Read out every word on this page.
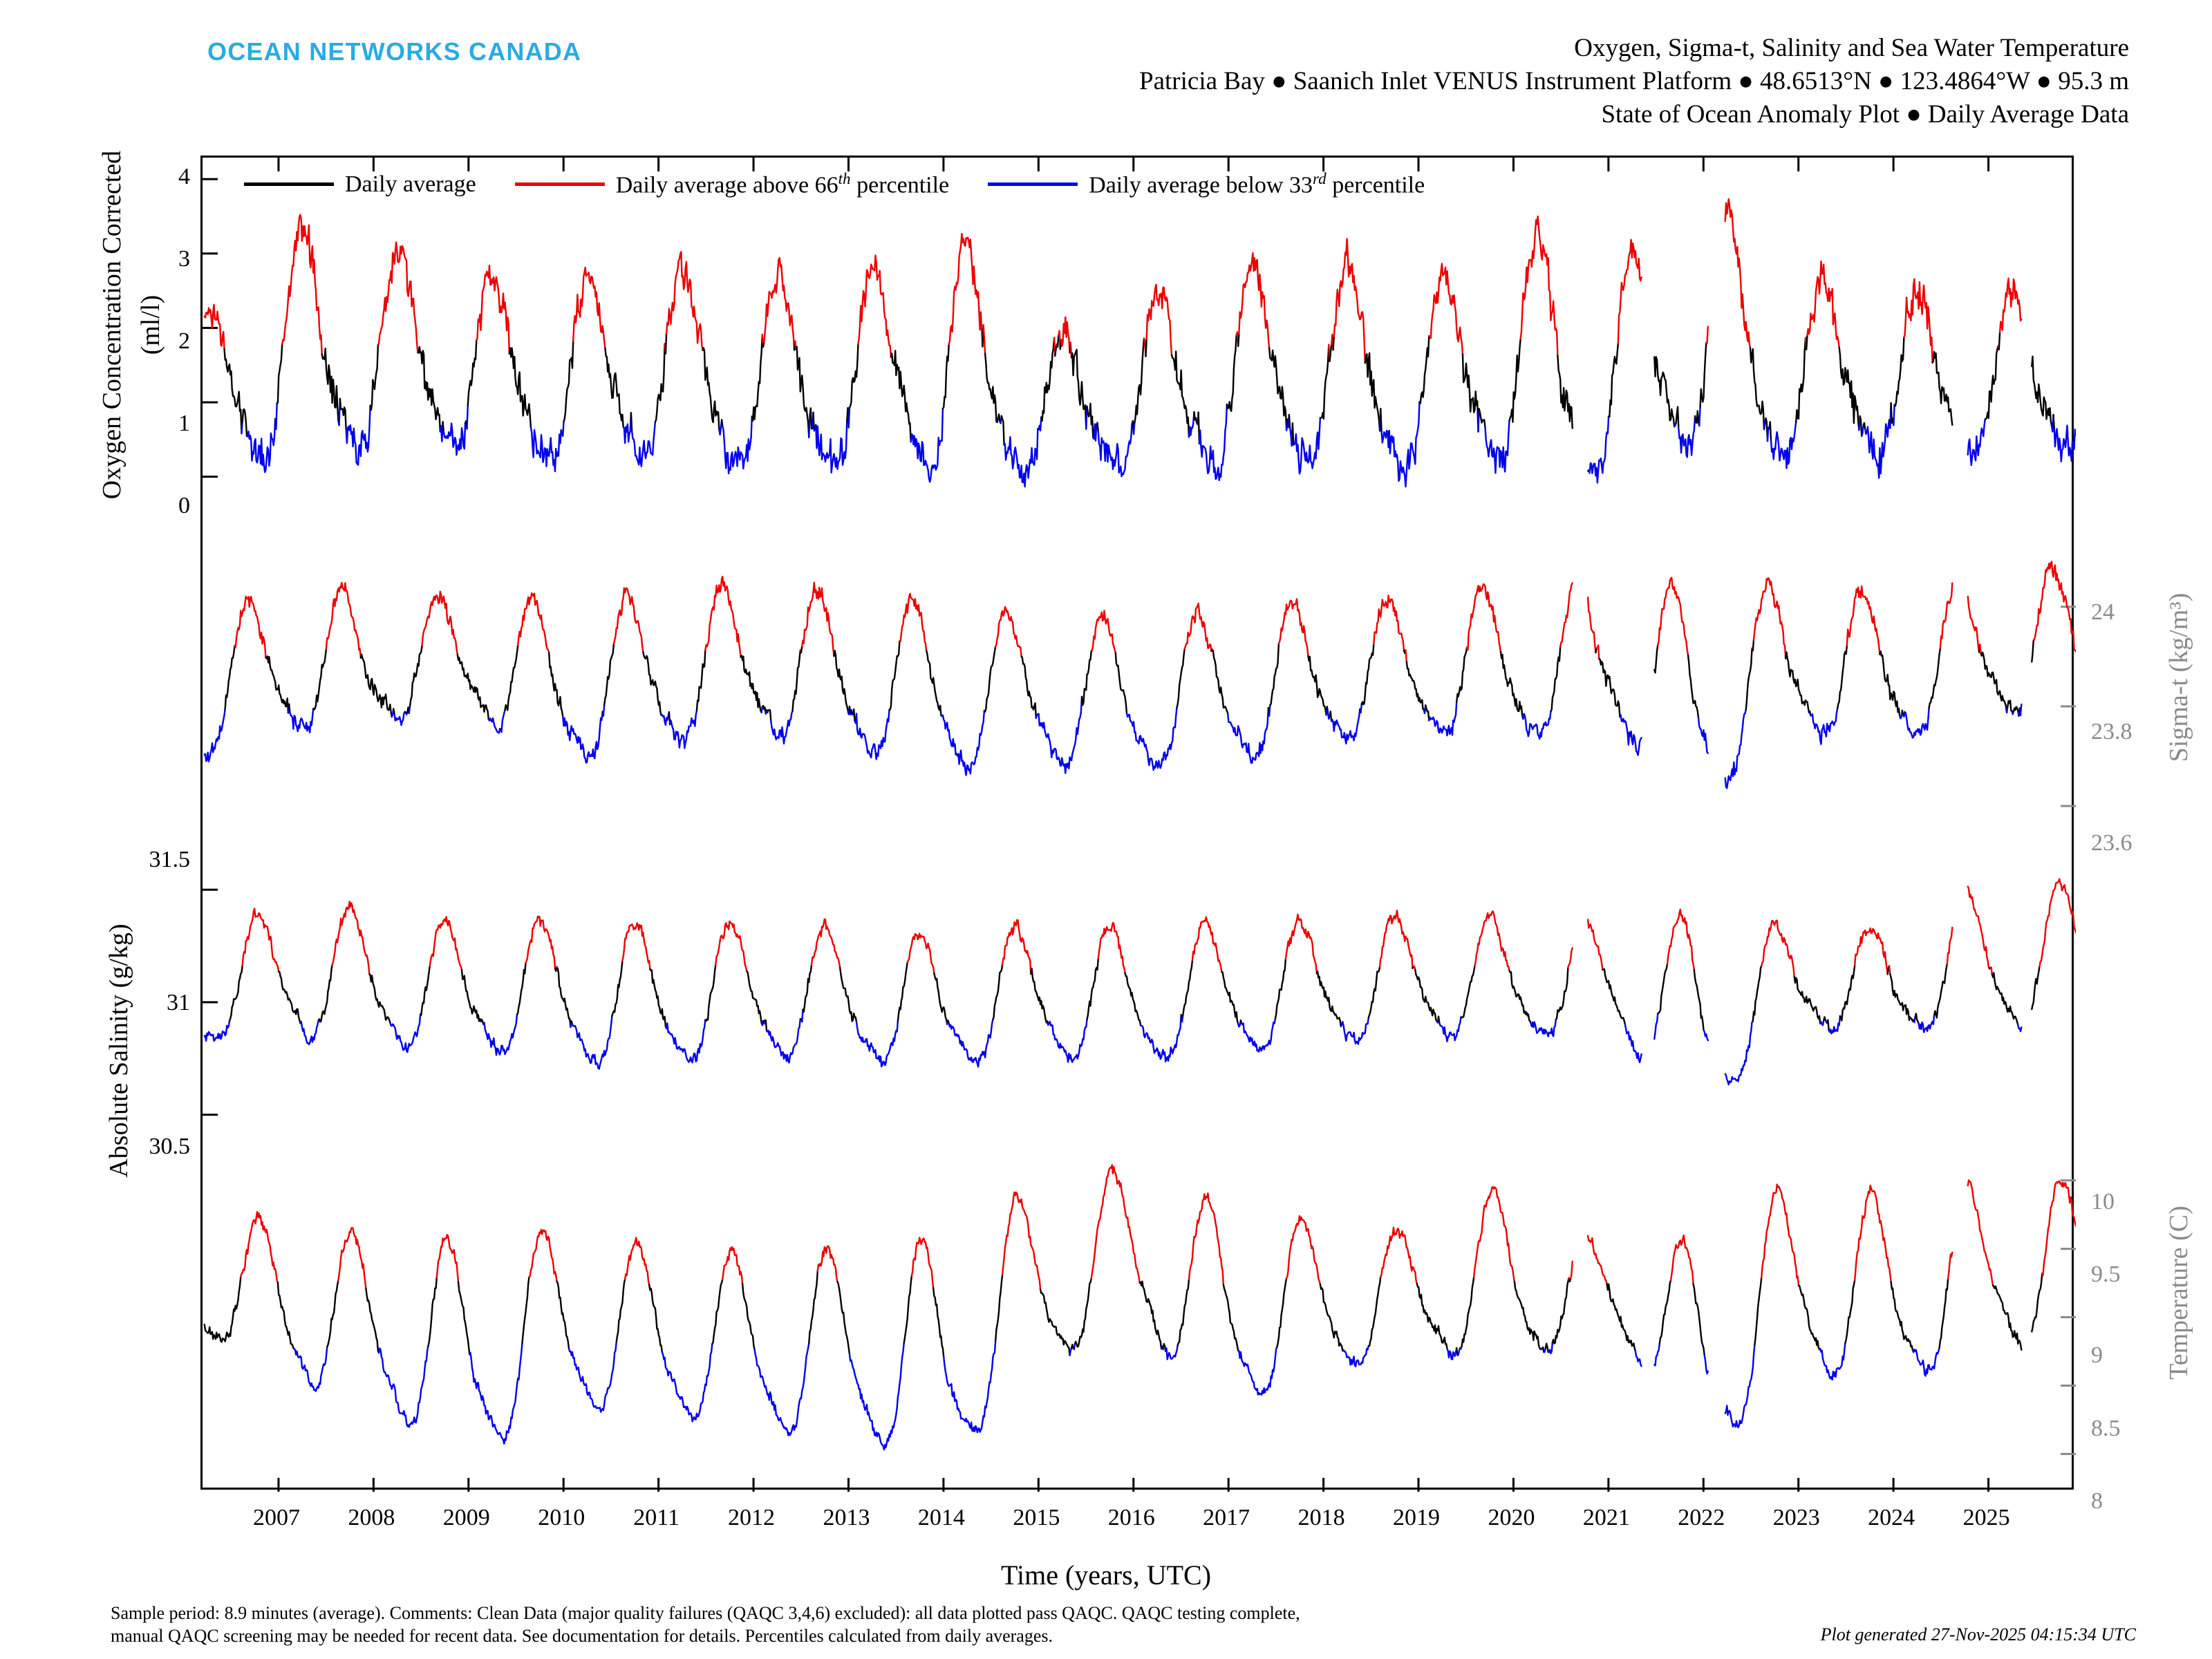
OCEAN NETWORKS CANADA	Oxygen, Sigma-t, Salinity and Sea Water Temperature
Patricia Bay ● Saanich Inlet VENUS Instrument Platform ● 48.6513°N ● 123.4864°W ● 95.3 m
State of Ocean Anomaly Plot ● Daily Average Data
Oxygen Concentration Corrected (ml/l)
Absolute Salinity (g/kg)
Sigma-t (kg/m³)
Temperature (C)
4
3
2
1
0
31.5
31
30.5
24
23.8
23.6
10
9.5
9
8.5
8
2007	2008	2009	2010	2011	2012	2013	2014	2015	2016	2017	2018	2019	2020	2021	2022	2023	2024	2025
Time (years, UTC)
Sample period: 8.9 minutes (average). Comments: Clean Data (major quality failures (QAQC 3,4,6) excluded): all data plotted pass QAQC. QAQC testing complete,
manual QAQC screening may be needed for recent data. See documentation for details. Percentiles calculated from daily averages.	Plot generated 27-Nov-2025 04:15:34 UTC
Daily average	Daily average above 66th percentile	Daily average below 33rd percentile
